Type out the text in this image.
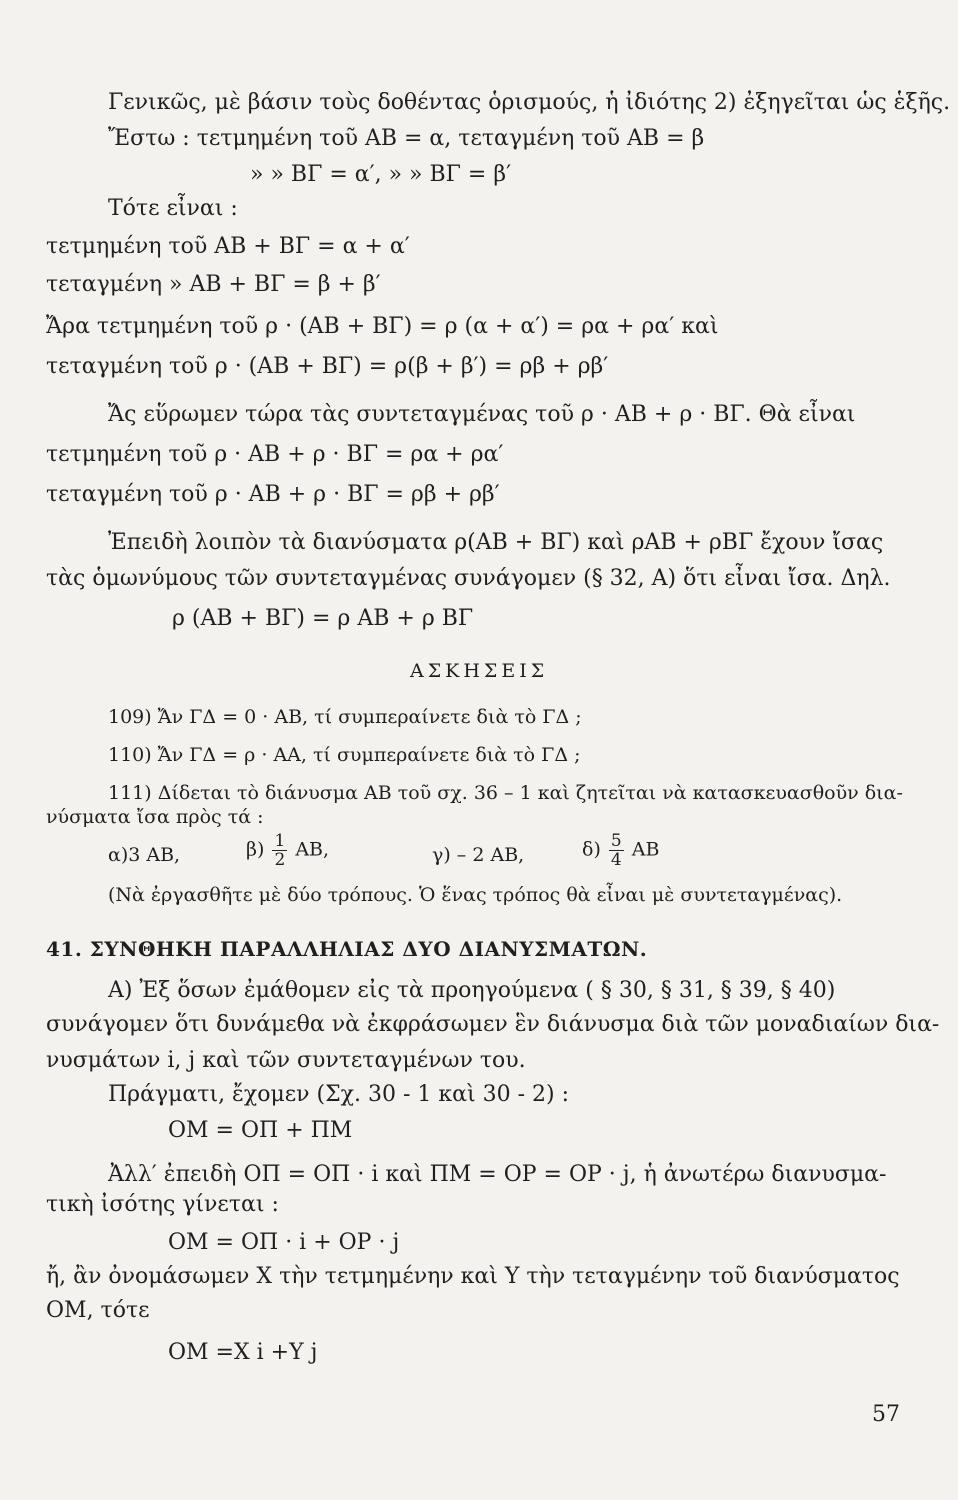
Γενικῶς, μὲ βάσιν τοὺς δοθέντας ὁρισμούς, ἡ ἰδιότης 2) ἐξηγεῖται ὡς ἑξῆς.
Ἔστω : τετμημένη τοῦ AB = α, τεταγμένη τοῦ AB = β
» » BΓ = α′, » » BΓ = β′
Τότε εἶναι :
τετμημένη τοῦ AB + BΓ = α + α′
τεταγμένη » AB + BΓ = β + β′
Ἄρα τετμημένη τοῦ ρ · (AB + BΓ) = ρ (α + α′) = ρα + ρα′ καὶ
τεταγμένη τοῦ ρ · (AB + BΓ) = ρ(β + β′) = ρβ + ρβ′
Ἄς εὕρωμεν τώρα τὰς συντεταγμένας τοῦ ρ · AB + ρ · BΓ. Θὰ εἶναι
τετμημένη τοῦ ρ · AB + ρ · BΓ = ρα + ρα′
τεταγμένη τοῦ ρ · AB + ρ · BΓ = ρβ + ρβ′
Ἐπειδὴ λοιπὸν τὰ διανύσματα ρ(AB + BΓ) καὶ ρAB + ρBΓ ἔχουν ἴσας
τὰς ὁμωνύμους τῶν συντεταγμένας συνάγομεν (§ 32, A) ὅτι εἶναι ἴσα. Δηλ.
ρ (AB + BΓ) = ρ AB + ρ BΓ
ΑΣΚΗΣΕΙΣ
109) Ἄν ΓΔ = 0 · AB, τί συμπεραίνετε διὰ τὸ ΓΔ ;
110) Ἄν ΓΔ = ρ · AA, τί συμπεραίνετε διὰ τὸ ΓΔ ;
111) Δίδεται τὸ διάνυσμα AB τοῦ σχ. 36 – 1 καὶ ζητεῖται νὰ κατασκευασθοῦν δια-
νύσματα ἴσα πρὸς τά :
α)3 AB,	$\beta) \frac{1}{2}$ AB,	γ) – 2 AB,	$\delta) \frac{5}{4}$ AB
(Νὰ ἐργασθῆτε μὲ δύο τρόπους. Ὁ ἕνας τρόπος θὰ εἶναι μὲ συντεταγμένας).
41. ΣΥΝΘΗΚΗ ΠΑΡΑΛΛΗΛΙΑΣ ΔΥΟ ΔΙΑΝΥΣΜΑΤΩΝ.
A) Ἐξ ὅσων ἐμάθομεν εἰς τὰ προηγούμενα ( § 30, § 31, § 39, § 40)
συνάγομεν ὅτι δυνάμεθα νὰ ἐκφράσωμεν ἓν διάνυσμα διὰ τῶν μοναδιαίων δια-
νυσμάτων i, j καὶ τῶν συντεταγμένων του.
Πράγματι, ἔχομεν (Σχ. 30 - 1 καὶ 30 - 2) :
OM = OΠ + ΠM
Ἀλλ′ ἐπειδὴ OΠ = OΠ · i καὶ ΠM = OP = OP · j, ἡ ἀνωτέρω διανυσμα-
τικὴ ἰσότης γίνεται :
OM = OΠ · i + OP · j
ἤ, ἂν ὀνομάσωμεν X τὴν τετμημένην καὶ Y τὴν τεταγμένην τοῦ διανύσματος
OM, τότε
OM =X i +Y j
57
